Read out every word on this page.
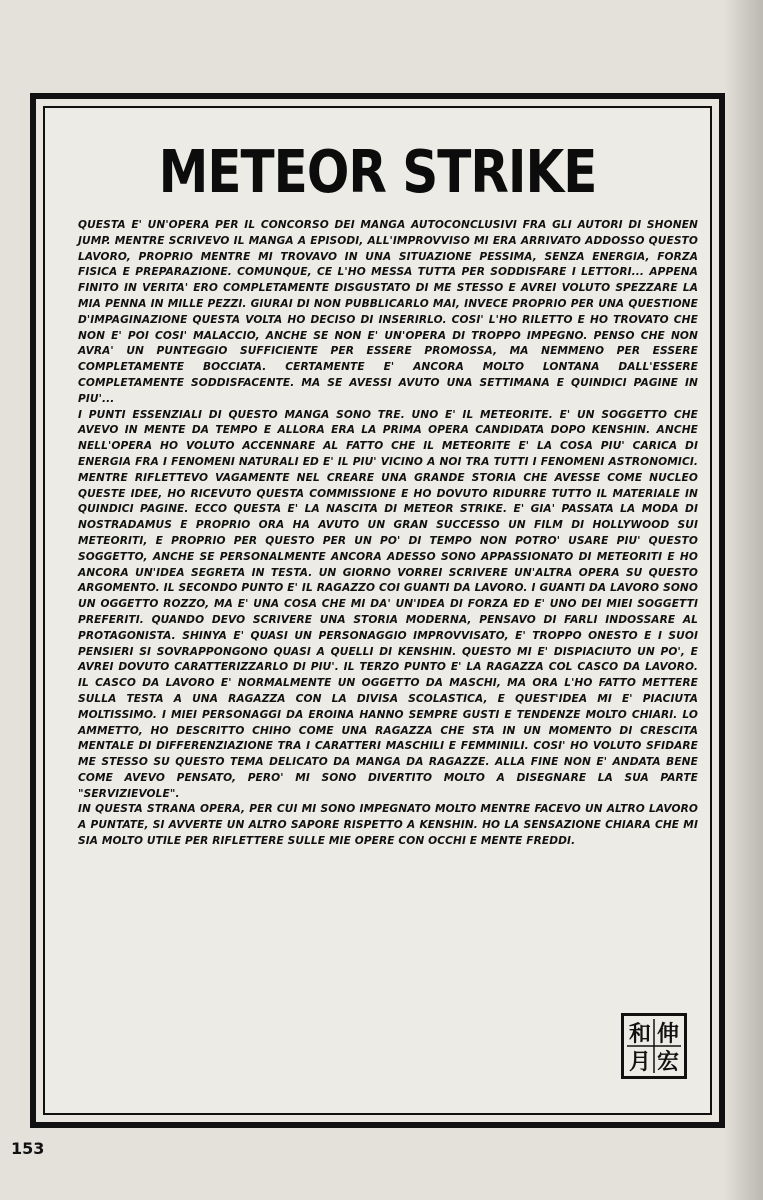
METEOR STRIKE

QUESTA E' UN'OPERA PER IL CONCORSO DEI MANGA AUTOCONCLUSIVI FRA GLI AUTORI DI SHONEN JUMP. MENTRE SCRIVEVO IL MANGA A EPISODI, ALL'IMPROVVISO MI ERA ARRIVATO ADDOSSO QUESTO LAVORO, PROPRIO MENTRE MI TROVAVO IN UNA SITUAZIONE PESSIMA, SENZA ENERGIA, FORZA FISICA E PREPARAZIONE. COMUNQUE, CE L'HO MESSA TUTTA PER SODDISFARE I LETTORI... APPENA FINITO IN VERITA' ERO COMPLETAMENTE DISGUSTATO DI ME STESSO E AVREI VOLUTO SPEZZARE LA MIA PENNA IN MILLE PEZZI. GIURAI DI NON PUBBLICARLO MAI, INVECE PROPRIO PER UNA QUESTIONE D'IMPAGINAZIONE QUESTA VOLTA HO DECISO DI INSERIRLO. COSI' L'HO RILETTO E HO TROVATO CHE NON E' POI COSI' MALACCIO, ANCHE SE NON E' UN'OPERA DI TROPPO IMPEGNO. PENSO CHE NON AVRA' UN PUNTEGGIO SUFFICIENTE PER ESSERE PROMOSSA, MA NEMMENO PER ESSERE COMPLETAMENTE BOCCIATA. CERTAMENTE E' ANCORA MOLTO LONTANA DALL'ESSERE COMPLETAMENTE SODDISFACENTE. MA SE AVESSI AVUTO UNA SETTIMANA E QUINDICI PAGINE IN PIU'...

I PUNTI ESSENZIALI DI QUESTO MANGA SONO TRE. UNO E' IL METEORITE. E' UN SOGGETTO CHE AVEVO IN MENTE DA TEMPO E ALLORA ERA LA PRIMA OPERA CANDIDATA DOPO KENSHIN. ANCHE NELL'OPERA HO VOLUTO ACCENNARE AL FATTO CHE IL METEORITE E' LA COSA PIU' CARICA DI ENERGIA FRA I FENOMENI NATURALI ED E' IL PIU' VICINO A NOI TRA TUTTI I FENOMENI ASTRONOMICI. MENTRE RIFLETTEVO VAGAMENTE NEL CREARE UNA GRANDE STORIA CHE AVESSE COME NUCLEO QUESTE IDEE, HO RICEVUTO QUESTA COMMISSIONE E HO DOVUTO RIDURRE TUTTO IL MATERIALE IN QUINDICI PAGINE. ECCO QUESTA E' LA NASCITA DI METEOR STRIKE. E' GIA' PASSATA LA MODA DI NOSTRADAMUS E PROPRIO ORA HA AVUTO UN GRAN SUCCESSO UN FILM DI HOLLYWOOD SUI METEORITI, E PROPRIO PER QUESTO PER UN PO' DI TEMPO NON POTRO' USARE PIU' QUESTO SOGGETTO, ANCHE SE PERSONALMENTE ANCORA ADESSO SONO APPASSIONATO DI METEORITI E HO ANCORA UN'IDEA SEGRETA IN TESTA. UN GIORNO VORREI SCRIVERE UN'ALTRA OPERA SU QUESTO ARGOMENTO. IL SECONDO PUNTO E' IL RAGAZZO COI GUANTI DA LAVORO. I GUANTI DA LAVORO SONO UN OGGETTO ROZZO, MA E' UNA COSA CHE MI DA' UN'IDEA DI FORZA ED E' UNO DEI MIEI SOGGETTI PREFERITI. QUANDO DEVO SCRIVERE UNA STORIA MODERNA, PENSAVO DI FARLI INDOSSARE AL PROTAGONISTA. SHINYA E' QUASI UN PERSONAGGIO IMPROVVISATO, E' TROPPO ONESTO E I SUOI PENSIERI SI SOVRAPPONGONO QUASI A QUELLI DI KENSHIN. QUESTO MI E' DISPIACIUTO UN PO', E AVREI DOVUTO CARATTERIZZARLO DI PIU'. IL TERZO PUNTO E' LA RAGAZZA COL CASCO DA LAVORO. IL CASCO DA LAVORO E' NORMALMENTE UN OGGETTO DA MASCHI, MA ORA L'HO FATTO METTERE SULLA TESTA A UNA RAGAZZA CON LA DIVISA SCOLASTICA, E QUEST'IDEA MI E' PIACIUTA MOLTISSIMO. I MIEI PERSONAGGI DA EROINA HANNO SEMPRE GUSTI E TENDENZE MOLTO CHIARI. LO AMMETTO, HO DESCRITTO CHIHO COME UNA RAGAZZA CHE STA IN UN MOMENTO DI CRESCITA MENTALE DI DIFFERENZIAZIONE TRA I CARATTERI MASCHILI E FEMMINILI. COSI' HO VOLUTO SFIDARE ME STESSO SU QUESTO TEMA DELICATO DA MANGA DA RAGAZZE. ALLA FINE NON E' ANDATA BENE COME AVEVO PENSATO, PERO' MI SONO DIVERTITO MOLTO A DISEGNARE LA SUA PARTE "SERVIZIEVOLE".

IN QUESTA STRANA OPERA, PER CUI MI SONO IMPEGNATO MOLTO MENTRE FACEVO UN ALTRO LAVORO A PUNTATE, SI AVVERTE UN ALTRO SAPORE RISPETTO A KENSHIN. HO LA SENSAZIONE CHIARA CHE MI SIA MOLTO UTILE PER RIFLETTERE SULLE MIE OPERE CON OCCHI E MENTE FREDDI.

伸
和
宏
月
153
